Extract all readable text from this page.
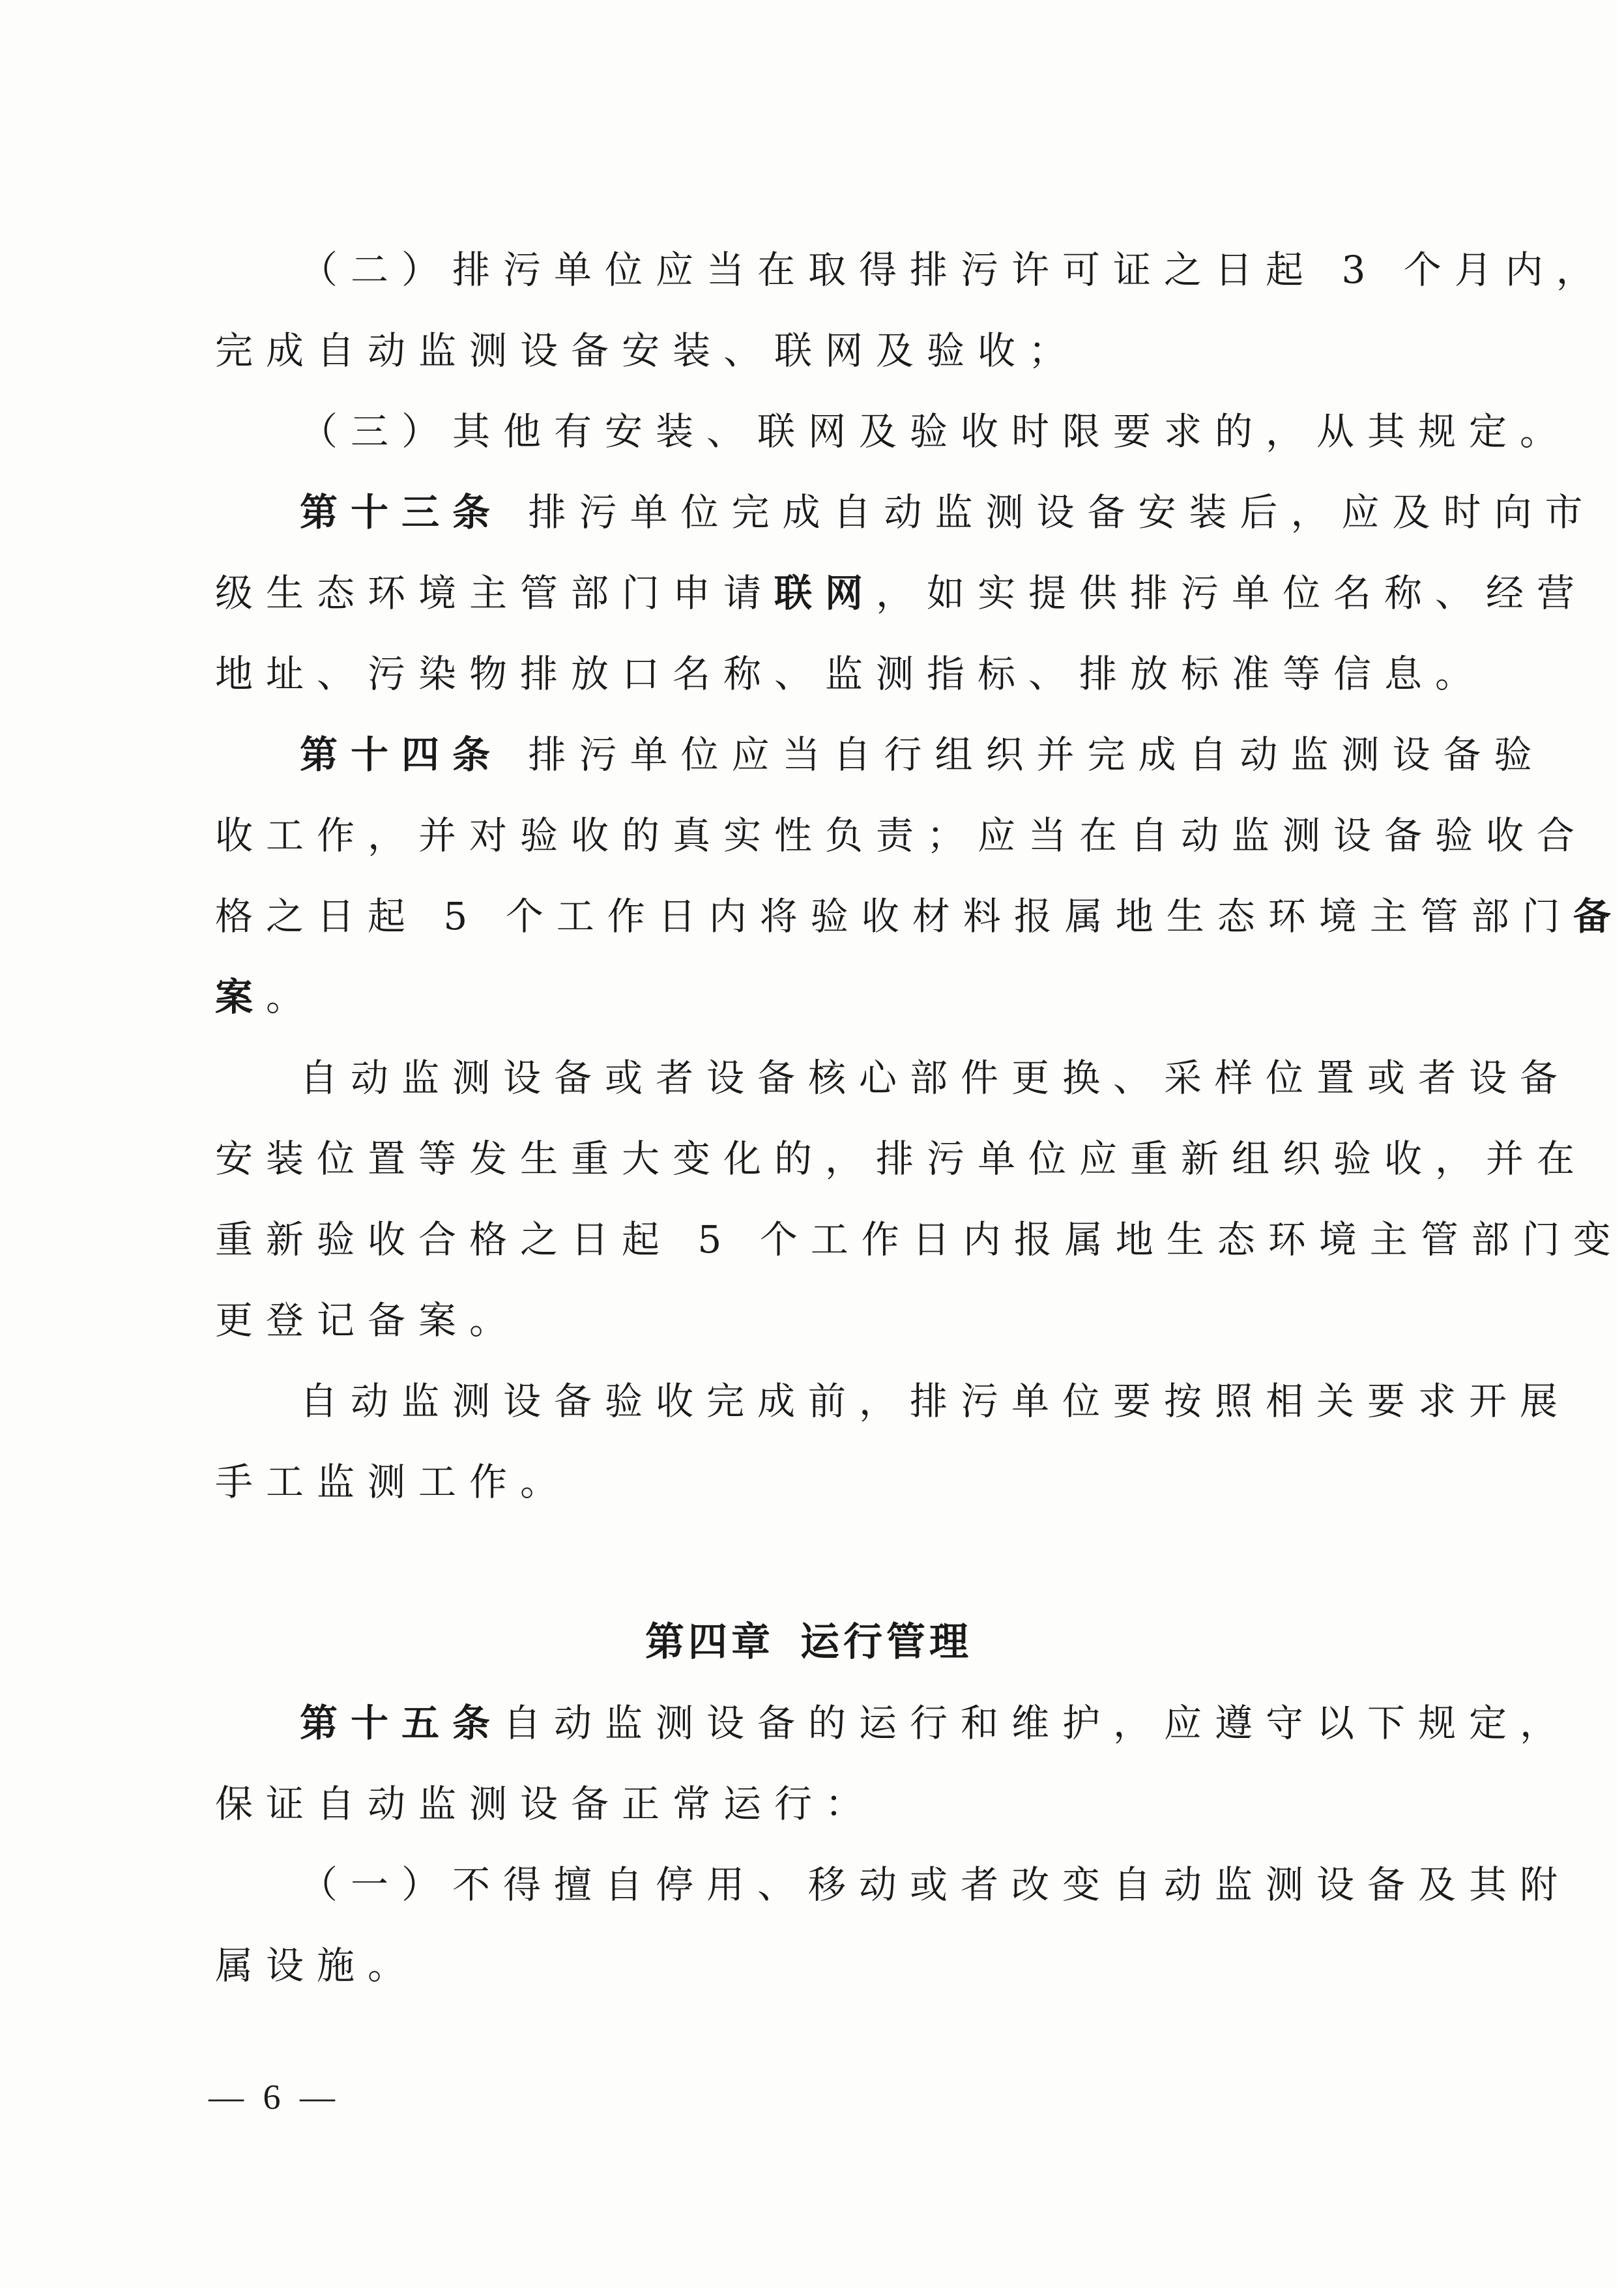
（二）排污单位应当在取得排污许可证之日起 3 个月内，
完成自动监测设备安装、联网及验收；
（三）其他有安装、联网及验收时限要求的，从其规定。
第十三条 排污单位完成自动监测设备安装后，应及时向市
级生态环境主管部门申请联网，如实提供排污单位名称、经营
地址、污染物排放口名称、监测指标、排放标准等信息。
第十四条 排污单位应当自行组织并完成自动监测设备验
收工作，并对验收的真实性负责；应当在自动监测设备验收合
格之日起 5 个工作日内将验收材料报属地生态环境主管部门备
案。
自动监测设备或者设备核心部件更换、采样位置或者设备
安装位置等发生重大变化的，排污单位应重新组织验收，并在
重新验收合格之日起 5 个工作日内报属地生态环境主管部门变
更登记备案。
自动监测设备验收完成前，排污单位要按照相关要求开展
手工监测工作。
第四章 运行管理
第十五条自动监测设备的运行和维护，应遵守以下规定，
保证自动监测设备正常运行：
（一）不得擅自停用、移动或者改变自动监测设备及其附
属设施。
— 6 —
